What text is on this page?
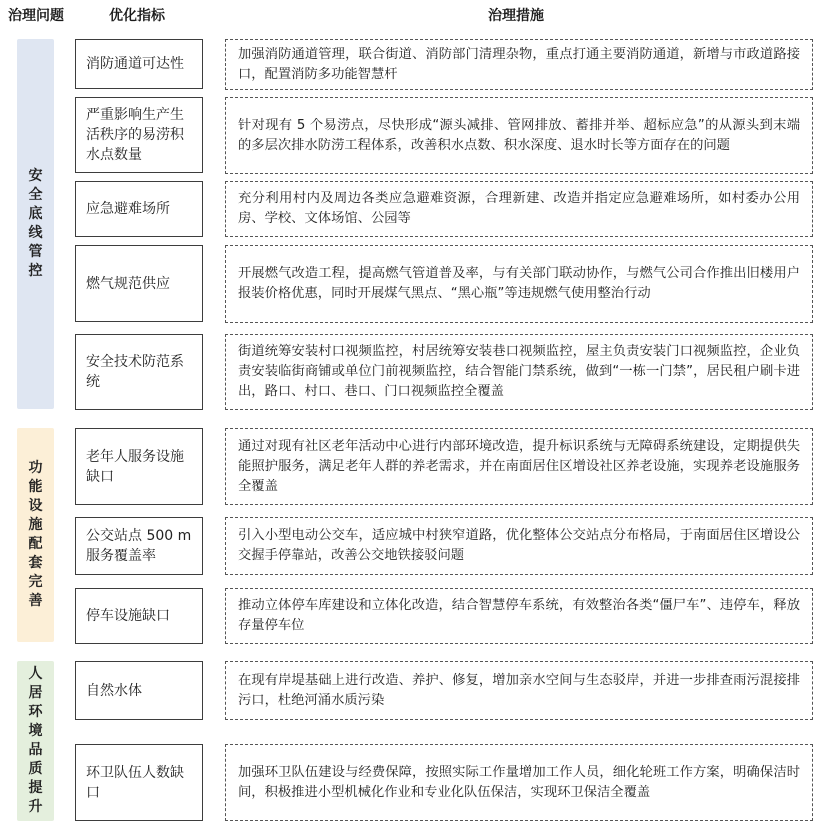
治理问题	优化指标	治理措施
安全底线管控
功能设施配套完善
人居环境品质提升
消防通道可达性
严重影响生产生活秩序的易涝积水点数量
应急避难场所
燃气规范供应
安全技术防范系统
老年人服务设施缺口
公交站点 500 m 服务覆盖率
停车设施缺口
自然水体
环卫队伍人数缺口
加强消防通道管理，联合街道、消防部门清理杂物，重点打通主要消防通道，新增与市政道路接口，配置消防多功能智慧杆
针对现有 5 个易涝点，尽快形成“源头减排、管网排放、蓄排并举、超标应急”的从源头到末端的多层次排水防涝工程体系，改善积水点数、积水深度、退水时长等方面存在的问题
充分利用村内及周边各类应急避难资源，合理新建、改造并指定应急避难场所，如村委办公用房、学校、文体场馆、公园等
开展燃气改造工程，提高燃气管道普及率，与有关部门联动协作，与燃气公司合作推出旧楼用户报装价格优惠，同时开展煤气黑点、“黑心瓶”等违规燃气使用整治行动
街道统筹安装村口视频监控，村居统筹安装巷口视频监控，屋主负责安装门口视频监控，企业负责安装临街商铺或单位门前视频监控，结合智能门禁系统，做到“一栋一门禁”，居民租户刷卡进出，路口、村口、巷口、门口视频监控全覆盖
通过对现有社区老年活动中心进行内部环境改造，提升标识系统与无障碍系统建设，定期提供失能照护服务，满足老年人群的养老需求，并在南面居住区增设社区养老设施，实现养老设施服务全覆盖
引入小型电动公交车，适应城中村狭窄道路，优化整体公交站点分布格局，于南面居住区增设公交握手停靠站，改善公交地铁接驳问题
推动立体停车库建设和立体化改造，结合智慧停车系统，有效整治各类“僵尸车”、违停车，释放存量停车位
在现有岸堤基础上进行改造、养护、修复，增加亲水空间与生态驳岸，并进一步排查雨污混接排污口，杜绝河涌水质污染
加强环卫队伍建设与经费保障，按照实际工作量增加工作人员，细化轮班工作方案，明确保洁时间，积极推进小型机械化作业和专业化队伍保洁，实现环卫保洁全覆盖
